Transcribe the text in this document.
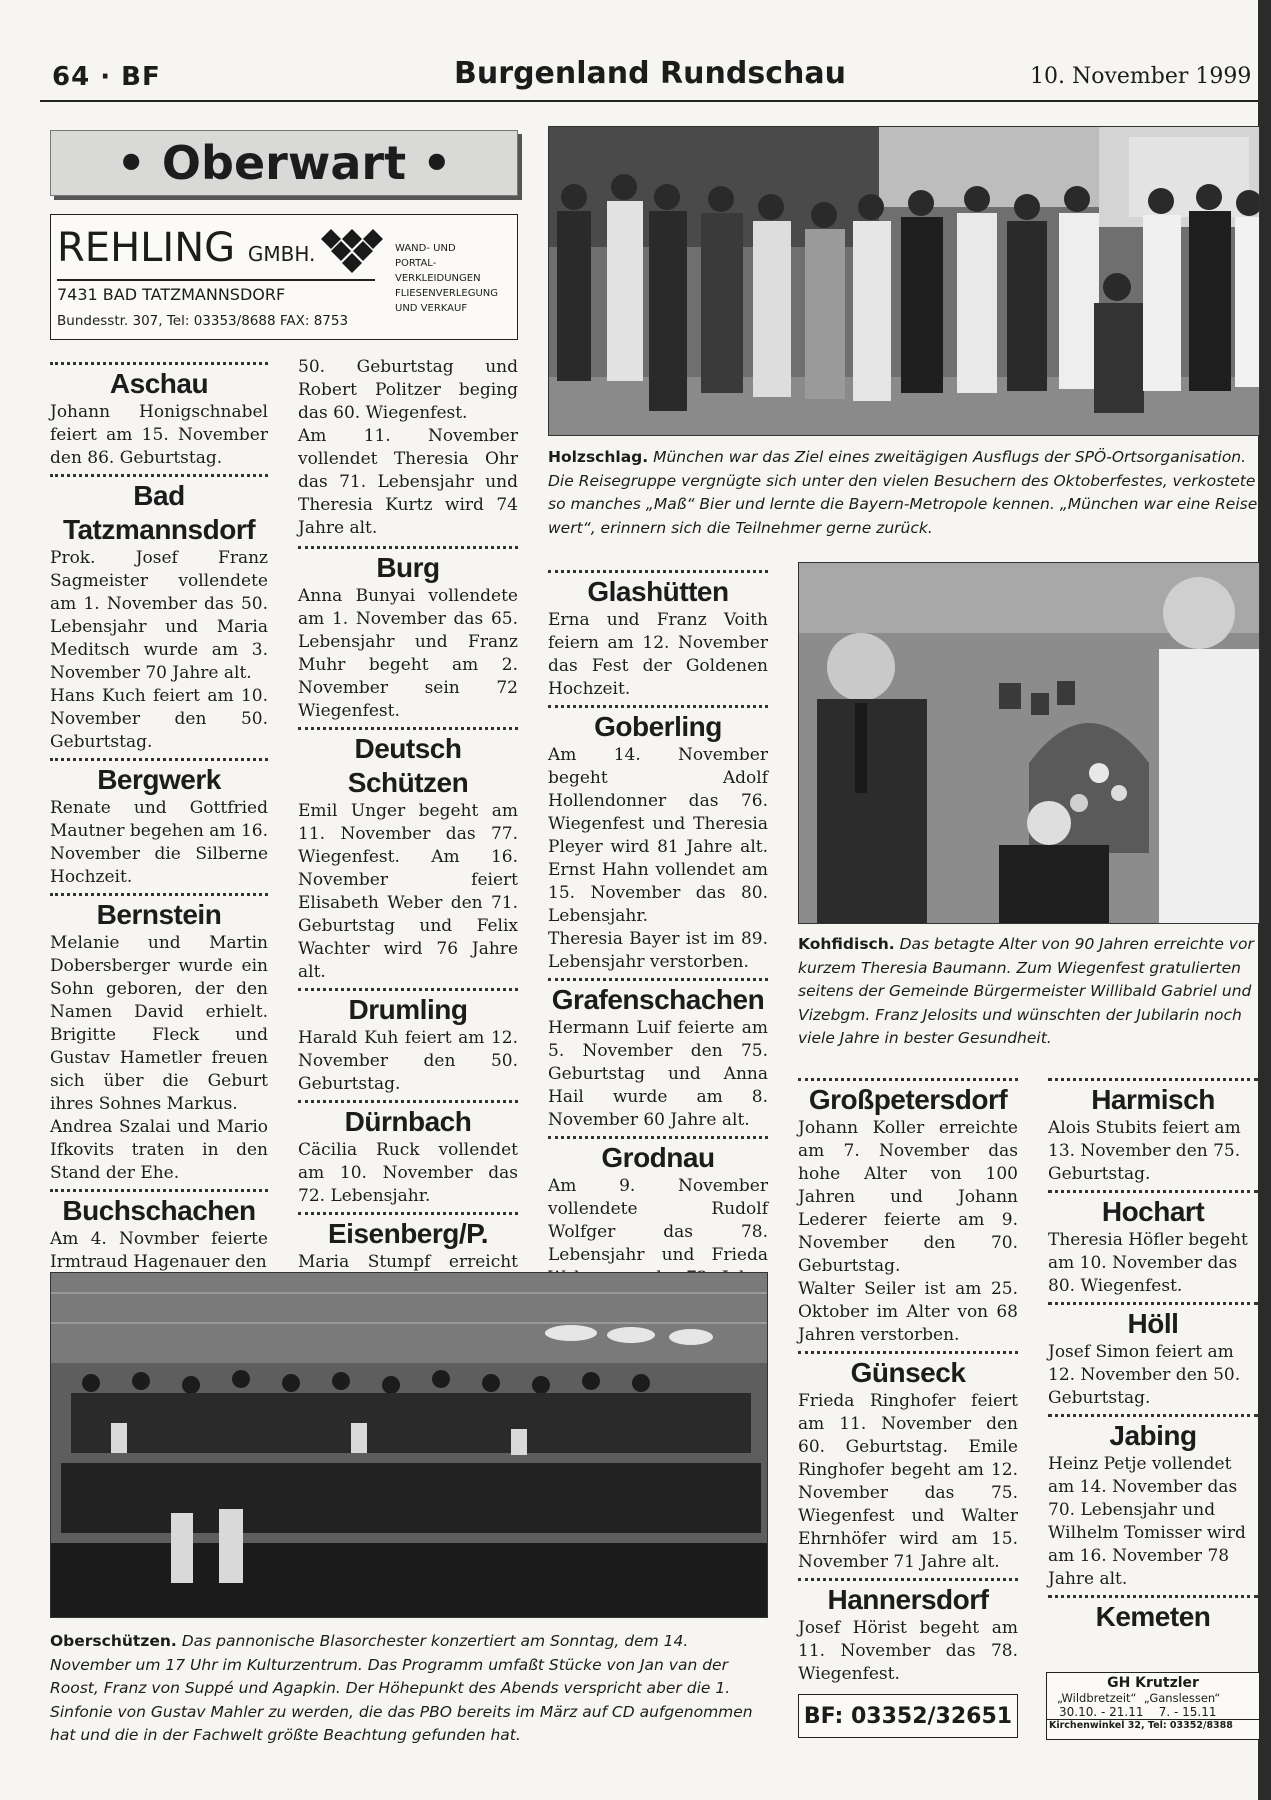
64 · BF	Burgenland Rundschau	10. November 1999
• Oberwart •
REHLING GMBH.
7431 BAD TATZMANNSDORF
Bundesstr. 307, Tel: 03353/8688 FAX: 8753
WAND- UND
PORTAL-
VERKLEIDUNGEN
FLIESENVERLEGUNG
UND VERKAUF
Aschau

Johann Honigschnabel feiert am 15. November den 86. Geburtstag.

Bad Tatzmannsdorf

Prok. Josef Franz Sagmeister vollendete am 1. November das 50. Lebensjahr und Maria Meditsch wurde am 3. November 70 Jahre alt.

Hans Kuch feiert am 10. November den 50. Geburtstag.

Bergwerk

Renate und Gottfried Mautner begehen am 16. November die Silberne Hochzeit.

Bernstein

Melanie und Martin Dobersberger wurde ein Sohn geboren, der den Namen David erhielt. Brigitte Fleck und Gustav Hametler freuen sich über die Geburt ihres Sohnes Markus.

Andrea Szalai und Mario Ifkovits traten in den Stand der Ehe.

Buchschachen

Am 4. Novmber feierte Irmtraud Hagenauer den

50. Geburtstag und Robert Politzer beging das 60. Wiegenfest.

Am 11. November vollendet Theresia Ohr das 71. Lebensjahr und Theresia Kurtz wird 74 Jahre alt.

Burg

Anna Bunyai vollendete am 1. November das 65. Lebensjahr und Franz Muhr begeht am 2. November sein 72 Wiegenfest.

Deutsch Schützen

Emil Unger begeht am 11. November das 77. Wiegenfest. Am 16. November feiert Elisabeth Weber den 71. Geburtstag und Felix Wachter wird 76 Jahre alt.

Drumling

Harald Kuh feiert am 12. November den 50. Geburtstag.

Dürnbach

Cäcilia Ruck vollendet am 10. November das 72. Lebensjahr.

Eisenberg/P.

Maria Stumpf erreicht

Holzschlag. München war das Ziel eines zweitägigen Ausflugs der SPÖ-Ortsorganisation. Die Reisegruppe vergnügte sich unter den vielen Besuchern des Oktoberfestes, verkostete so manches „Maß“ Bier und lernte die Bayern-Metropole kennen. „München war eine Reise wert“, erinnern sich die Teilnehmer gerne zurück.
Glashütten

Erna und Franz Voith feiern am 12. November das Fest der Goldenen Hochzeit.

Goberling

Am 14. November begeht Adolf Hollendonner das 76. Wiegenfest und Theresia Pleyer wird 81 Jahre alt. Ernst Hahn vollendet am 15. November das 80. Lebensjahr.

Theresia Bayer ist im 89. Lebensjahr verstorben.

Grafenschachen

Hermann Luif feierte am 5. November den 75. Geburtstag und Anna Hail wurde am 8. November 60 Jahre alt.

Grodnau

Am 9. November vollendete Rudolf Wolfger das 78. Lebensjahr und Frieda

Kohfidisch. Das betagte Alter von 90 Jahren erreichte vor kurzem Theresia Baumann. Zum Wiegenfest gratulierten seitens der Gemeinde Bürgermeister Willibald Gabriel und Vizebgm. Franz Jelosits und wünschten der Jubilarin noch viele Jahre in bester Gesundheit.
Großpetersdorf

Johann Koller erreichte am 7. November das hohe Alter von 100 Jahren und Johann Lederer feierte am 9. November den 70. Geburtstag.

Walter Seiler ist am 25. Oktober im Alter von 68 Jahren verstorben.

Günseck

Frieda Ringhofer feiert am 11. November den 60. Geburtstag. Emile Ringhofer begeht am 12. November das 75. Wiegenfest und Walter Ehrnhöfer wird am 15. November 71 Jahre alt.

Hannersdorf

Josef Hörist begeht am 11. November das 78. Wiegenfest.

Harmisch

Alois Stubits feiert am 13. November den 75. Geburtstag.

Hochart

Theresia Höfler begeht am 10. November das 80. Wiegenfest.

Höll

Josef Simon feiert am 12. November den 50. Geburtstag.

Jabing

Heinz Petje vollendet am 14. November das 70. Lebensjahr und Wilhelm Tomisser wird am 16. November 78 Jahre alt.

Kemeten
Oberschützen. Das pannonische Blasorchester konzertiert am Sonntag, dem 14. November um 17 Uhr im Kulturzentrum. Das Programm umfaßt Stücke von Jan van der Roost, Franz von Suppé und Agapkin. Der Höhepunkt des Abends verspricht aber die 1. Sinfonie von Gustav Mahler zu werden, die das PBO bereits im März auf CD aufgenommen hat und die in der Fachwelt größte Beachtung gefunden hat.
BF: 03352/32651
GH Krutzler
„Wildbretzeit“ „Ganslessen“
30.10. - 21.11 7. - 15.11
Kirchenwinkel 32, Tel: 03352/8388
